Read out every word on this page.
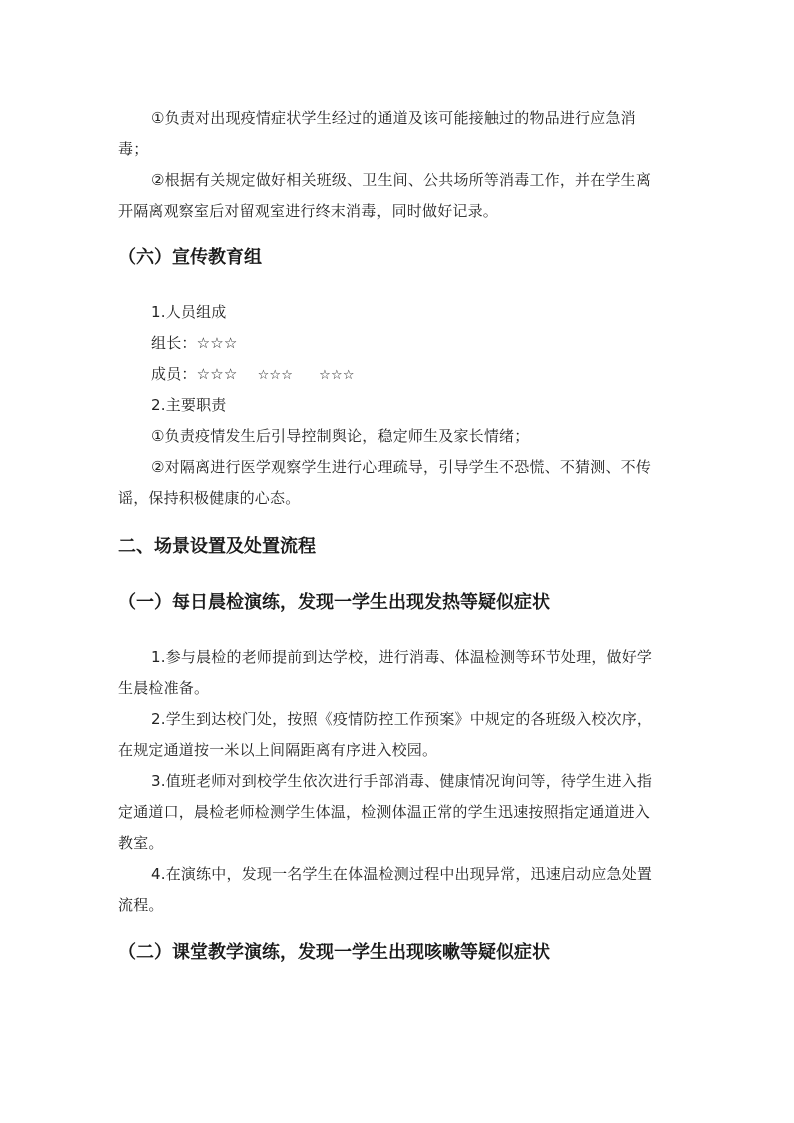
①负责对出现疫情症状学生经过的通道及该可能接触过的物品进行应急消
毒；
②根据有关规定做好相关班级、卫生间、公共场所等消毒工作，并在学生离
开隔离观察室后对留观室进行终末消毒，同时做好记录。
（六）宣传教育组
1.人员组成
组长：☆☆☆
成员：☆☆☆ ☆☆☆ ☆☆☆
2.主要职责
①负责疫情发生后引导控制舆论，稳定师生及家长情绪；
②对隔离进行医学观察学生进行心理疏导，引导学生不恐慌、不猜测、不传
谣，保持积极健康的心态。
二、场景设置及处置流程
（一）每日晨检演练，发现一学生出现发热等疑似症状
1.参与晨检的老师提前到达学校，进行消毒、体温检测等环节处理，做好学
生晨检准备。
2.学生到达校门处，按照《疫情防控工作预案》中规定的各班级入校次序，
在规定通道按一米以上间隔距离有序进入校园。
3.值班老师对到校学生依次进行手部消毒、健康情况询问等，待学生进入指
定通道口，晨检老师检测学生体温，检测体温正常的学生迅速按照指定通道进入
教室。
4.在演练中，发现一名学生在体温检测过程中出现异常，迅速启动应急处置
流程。
（二）课堂教学演练，发现一学生出现咳嗽等疑似症状
